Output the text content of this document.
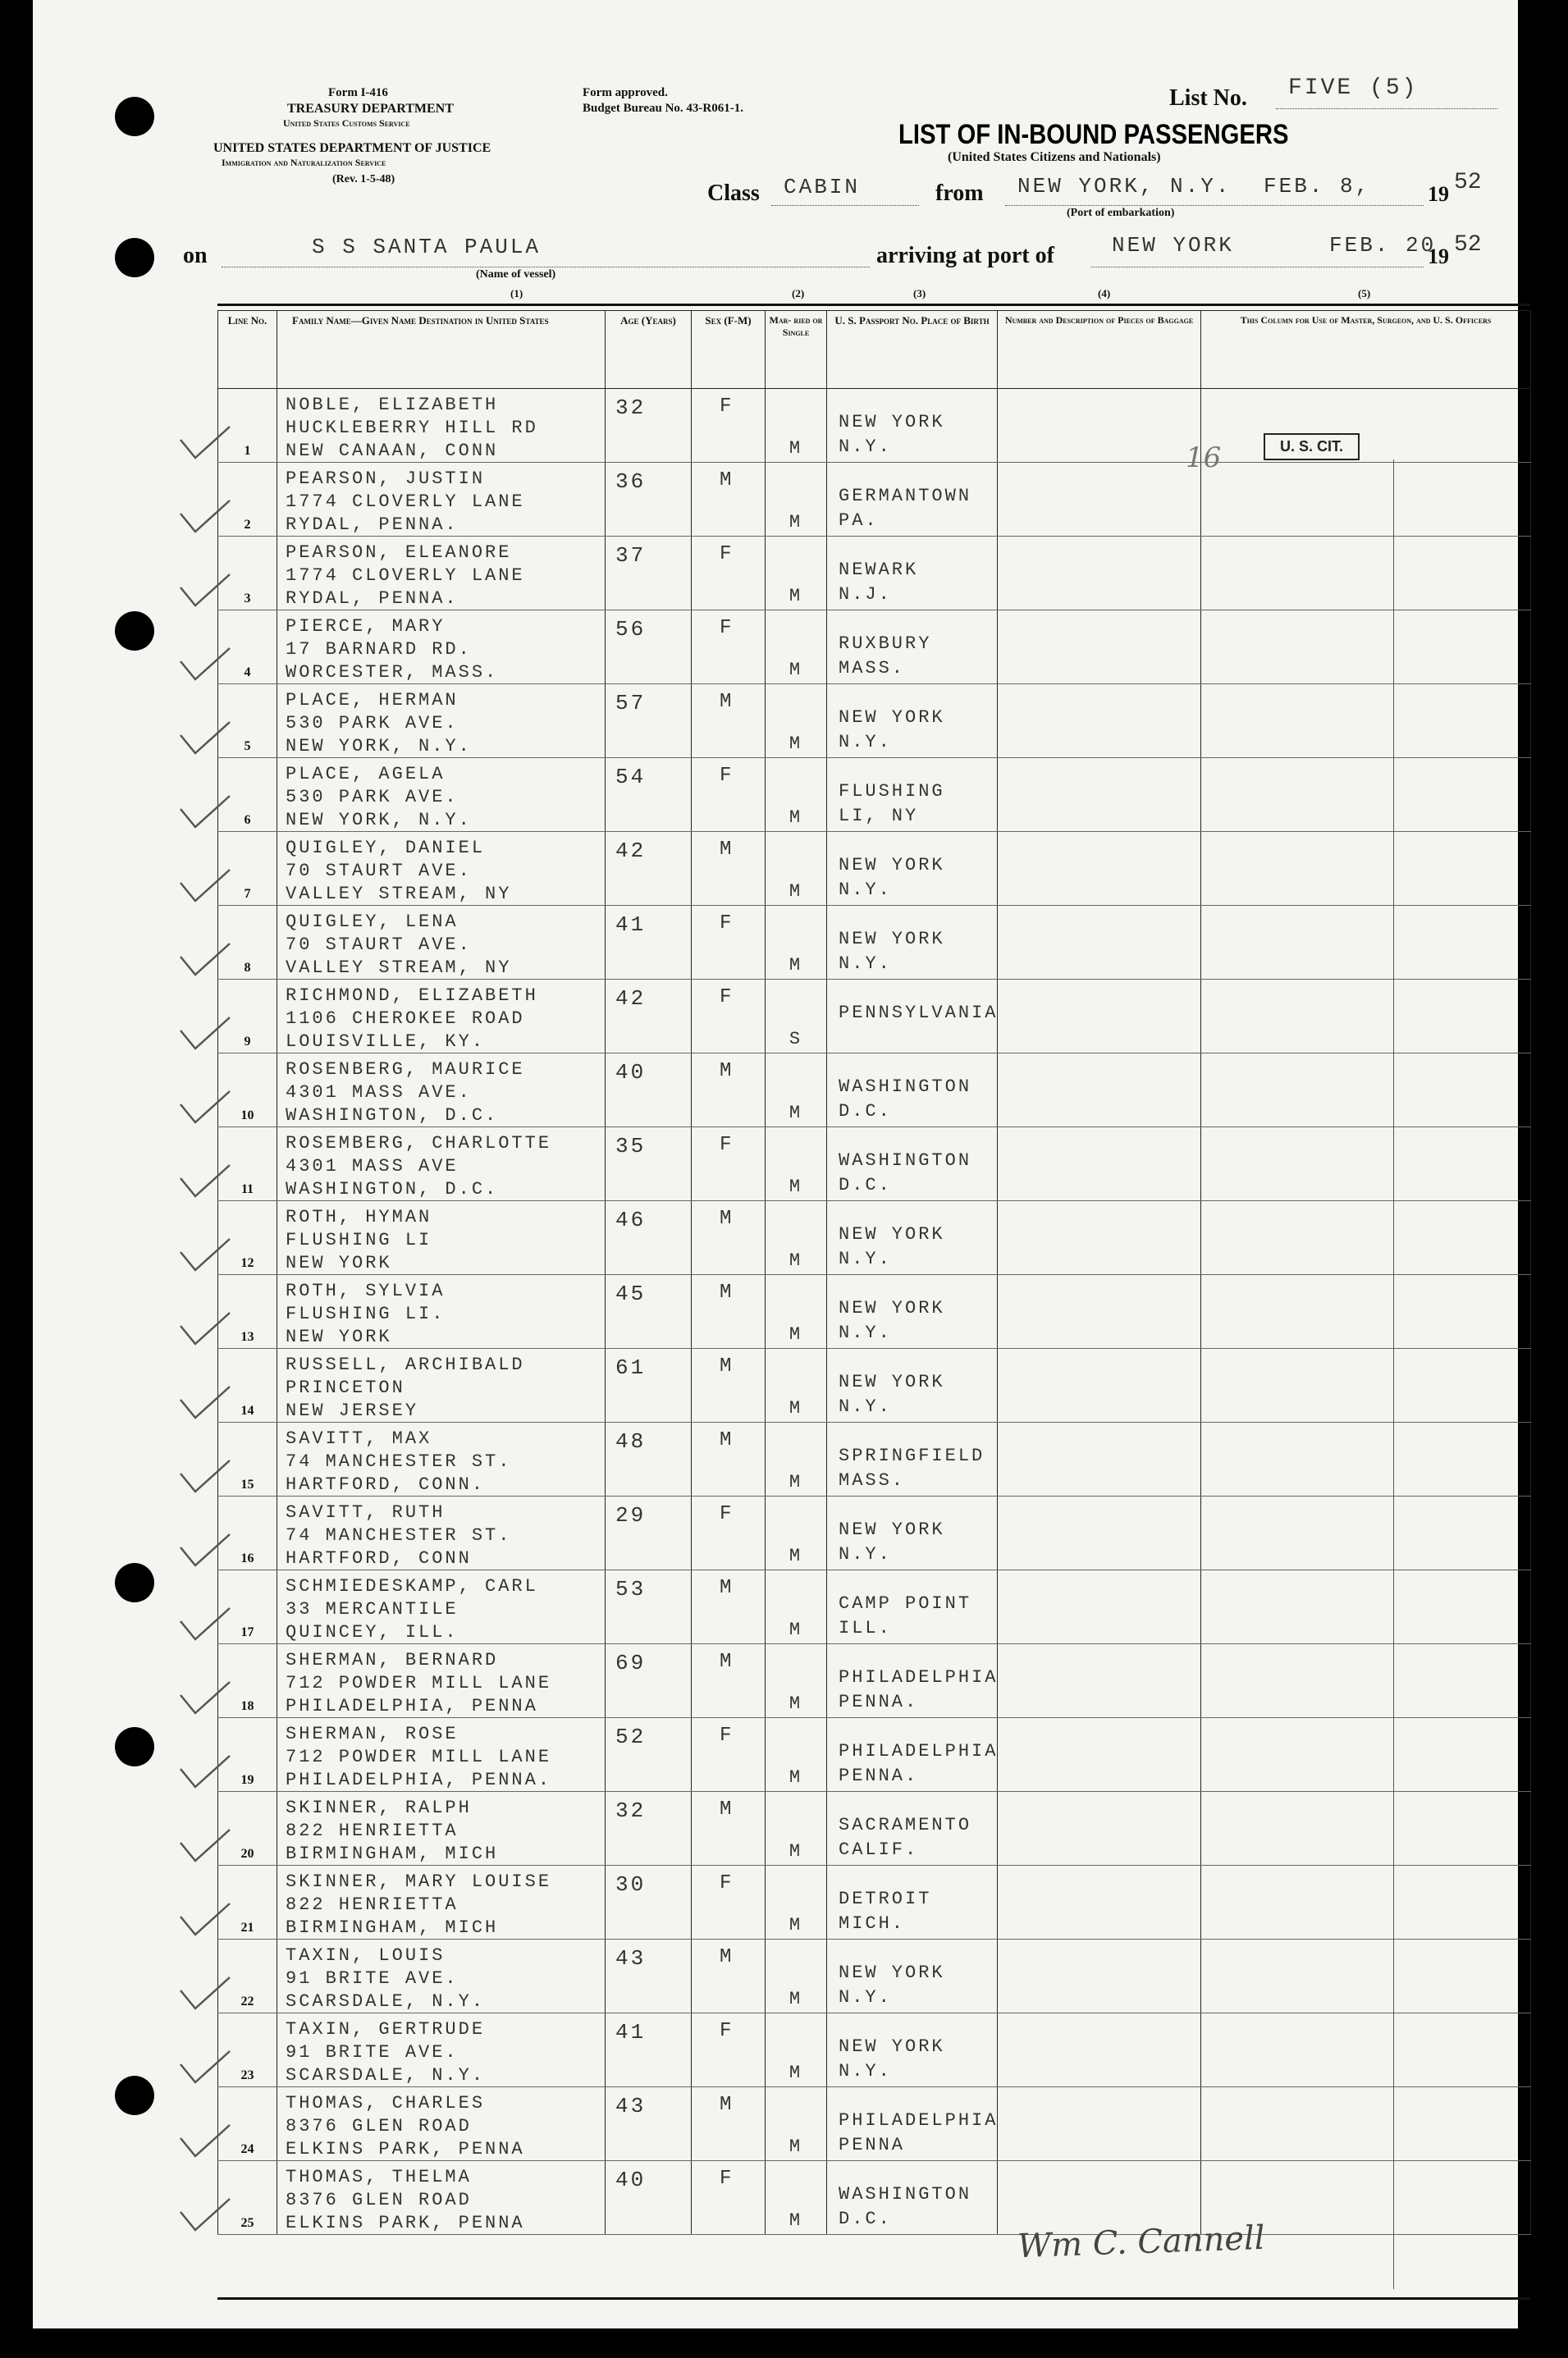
Form I-416
TREASURY DEPARTMENT
United States Customs Service
UNITED STATES DEPARTMENT OF JUSTICE
Immigration and Naturalization Service
(Rev. 1-5-48)
Form approved.
Budget Bureau No. 43-R061-1.	List No. FIVE (5)
LIST OF IN-BOUND PASSENGERS
(United States Citizens and Nationals)
Class CABIN	from NEW YORK, N.Y. FEB. 8,	19 52
(Port of embarkation)
on	S S SANTA PAULA
(Name of vessel)
arriving at port of	NEW YORK	FEB. 20
19 52
(1)	(2)	(3)	(4)	(5)
Line No.	Family Name—Given Name Destination in United States	Age (Years)	Sex (F-M)	Mar- ried or Single	U. S. Passport No. Place of Birth	Number and Description of Pieces of Baggage	This Column for Use of Master, Surgeon, and U. S. Officers

1	NOBLE, ELIZABETH
HUCKLEBERRY HILL RD
NEW CANAAN, CONN	32	F	M	NEW YORK
N.Y.		

2	PEARSON, JUSTIN
1774 CLOVERLY LANE
RYDAL, PENNA.	36	M	M	GERMANTOWN
PA.		

3	PEARSON, ELEANORE
1774 CLOVERLY LANE
RYDAL, PENNA.	37	F	M	NEWARK
N.J.		

4	PIERCE, MARY
17 BARNARD RD.
WORCESTER, MASS.	56	F	M	RUXBURY
MASS.		

5	PLACE, HERMAN
530 PARK AVE.
NEW YORK, N.Y.	57	M	M	NEW YORK
N.Y.		

6	PLACE, AGELA
530 PARK AVE.
NEW YORK, N.Y.	54	F	M	FLUSHING
LI, NY		

7	QUIGLEY, DANIEL
70 STAURT AVE.
VALLEY STREAM, NY	42	M	M	NEW YORK
N.Y.		

8	QUIGLEY, LENA
70 STAURT AVE.
VALLEY STREAM, NY	41	F	M	NEW YORK
N.Y.		

9	RICHMOND, ELIZABETH
1106 CHEROKEE ROAD
LOUISVILLE, KY.	42	F	S	PENNSYLVANIA		

10	ROSENBERG, MAURICE
4301 MASS AVE.
WASHINGTON, D.C.	40	M	M	WASHINGTON
D.C.		

11	ROSEMBERG, CHARLOTTE
4301 MASS AVE
WASHINGTON, D.C.	35	F	M	WASHINGTON
D.C.		

12	ROTH, HYMAN
FLUSHING LI
NEW YORK	46	M	M	NEW YORK
N.Y.		

13	ROTH, SYLVIA
FLUSHING LI.
NEW YORK	45	M	M	NEW YORK
N.Y.		

14	RUSSELL, ARCHIBALD
PRINCETON
NEW JERSEY	61	M	M	NEW YORK
N.Y.		

15	SAVITT, MAX
74 MANCHESTER ST.
HARTFORD, CONN.	48	M	M	SPRINGFIELD
MASS.		

16	SAVITT, RUTH
74 MANCHESTER ST.
HARTFORD, CONN	29	F	M	NEW YORK
N.Y.		

17	SCHMIEDESKAMP, CARL
33 MERCANTILE
QUINCEY, ILL.	53	M	M	CAMP POINT
ILL.		

18	SHERMAN, BERNARD
712 POWDER MILL LANE
PHILADELPHIA, PENNA	69	M	M	PHILADELPHIA
PENNA.		

19	SHERMAN, ROSE
712 POWDER MILL LANE
PHILADELPHIA, PENNA.	52	F	M	PHILADELPHIA
PENNA.		

20	SKINNER, RALPH
822 HENRIETTA
BIRMINGHAM, MICH	32	M	M	SACRAMENTO
CALIF.		

21	SKINNER, MARY LOUISE
822 HENRIETTA
BIRMINGHAM, MICH	30	F	M	DETROIT
MICH.		

22	TAXIN, LOUIS
91 BRITE AVE.
SCARSDALE, N.Y.	43	M	M	NEW YORK
N.Y.		

23	TAXIN, GERTRUDE
91 BRITE AVE.
SCARSDALE, N.Y.	41	F	M	NEW YORK
N.Y.		

24	THOMAS, CHARLES
8376 GLEN ROAD
ELKINS PARK, PENNA	43	M	M	PHILADELPHIA
PENNA		

25	THOMAS, THELMA
8376 GLEN ROAD
ELKINS PARK, PENNA	40	F	M	WASHINGTON
D.C.		

U. S. CIT.
16
Wm C. Cannell
